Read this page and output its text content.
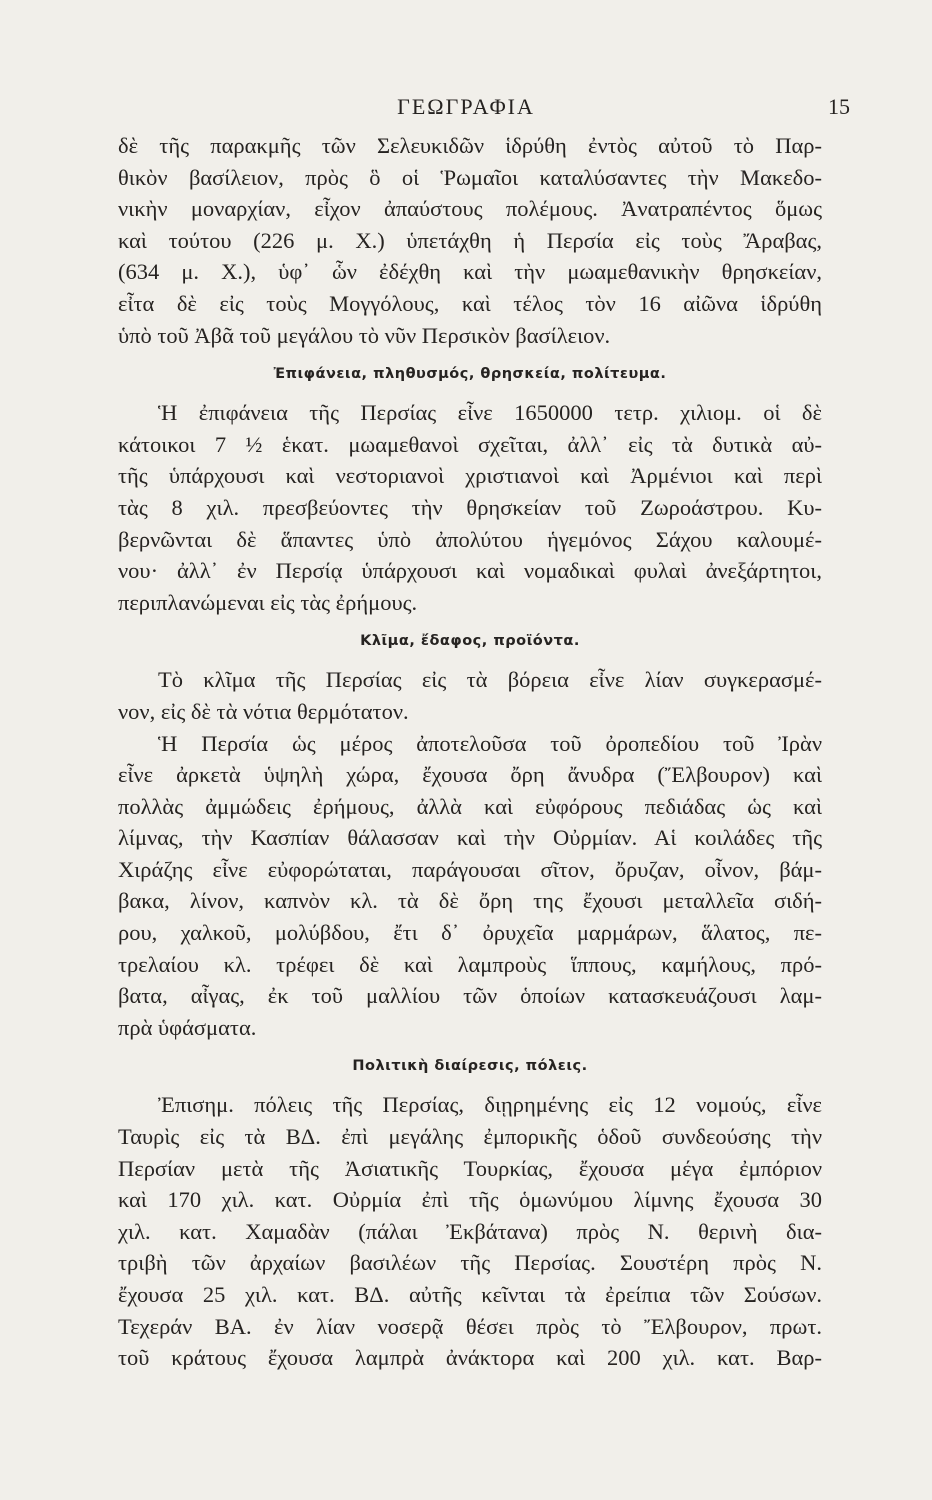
ΓΕΩΓΡΑΦΙΑ	15
δὲ τῆς παρακμῆς τῶν Σελευκιδῶν ἱδρύθη ἐντὸς αὐτοῦ τὸ Παρ-
θικὸν βασίλειον, πρὸς ὃ οἱ Ῥωμαῖοι καταλύσαντες τὴν Μακεδο-
νικὴν μοναρχίαν, εἶχον ἀπαύστους πολέμους. Ἀνατραπέντος ὅμως
καὶ τούτου (226 μ. Χ.) ὑπετάχθη ἡ Περσία εἰς τοὺς Ἄραβας,
(634 μ. Χ.), ὑφ᾽ ὧν ἐδέχθη καὶ τὴν μωαμεθανικὴν θρησκείαν,
εἶτα δὲ εἰς τοὺς Μογγόλους, καὶ τέλος τὸν 16 αἰῶνα ἱδρύθη
ὑπὸ τοῦ Ἀβᾶ τοῦ μεγάλου τὸ νῦν Περσικὸν βασίλειον.
Ἐπιφάνεια, πληθυσμός, θρησκεία, πολίτευμα.
Ἡ ἐπιφάνεια τῆς Περσίας εἶνε 1650000 τετρ. χιλιομ. οἱ δὲ
κάτοικοι 7 ½ ἑκατ. μωαμεθανοὶ σχεῖται, ἀλλ᾽ εἰς τὰ δυτικὰ αὐ-
τῆς ὑπάρχουσι καὶ νεστοριανοὶ χριστιανοὶ καὶ Ἀρμένιοι καὶ περὶ
τὰς 8 χιλ. πρεσβεύοντες τὴν θρησκείαν τοῦ Ζωροάστρου. Κυ-
βερνῶνται δὲ ἅπαντες ὑπὸ ἀπολύτου ἡγεμόνος Σάχου καλουμέ-
νου· ἀλλ᾽ ἐν Περσίᾳ ὑπάρχουσι καὶ νομαδικαὶ φυλαὶ ἀνεξάρτητοι,
περιπλανώμεναι εἰς τὰς ἐρήμους.
Κλῖμα, ἔδαφος, προϊόντα.
Τὸ κλῖμα τῆς Περσίας εἰς τὰ βόρεια εἶνε λίαν συγκερασμέ-
νον, εἰς δὲ τὰ νότια θερμότατον.
Ἡ Περσία ὡς μέρος ἀποτελοῦσα τοῦ ὀροπεδίου τοῦ Ἰρὰν
εἶνε ἀρκετὰ ὑψηλὴ χώρα, ἔχουσα ὄρη ἄνυδρα (Ἔλβουρον) καὶ
πολλὰς ἀμμώδεις ἐρήμους, ἀλλὰ καὶ εὐφόρους πεδιάδας ὡς καὶ
λίμνας, τὴν Κασπίαν θάλασσαν καὶ τὴν Οὐρμίαν. Αἱ κοιλάδες τῆς
Χιράζης εἶνε εὐφορώταται, παράγουσαι σῖτον, ὄρυζαν, οἶνον, βάμ-
βακα, λίνον, καπνὸν κλ. τὰ δὲ ὄρη της ἔχουσι μεταλλεῖα σιδή-
ρου, χαλκοῦ, μολύβδου, ἔτι δ᾽ ὀρυχεῖα μαρμάρων, ἅλατος, πε-
τρελαίου κλ. τρέφει δὲ καὶ λαμπροὺς ἵππους, καμήλους, πρό-
βατα, αἶγας, ἐκ τοῦ μαλλίου τῶν ὁποίων κατασκευάζουσι λαμ-
πρὰ ὑφάσματα.
Πολιτικὴ διαίρεσις, πόλεις.
Ἐπισημ. πόλεις τῆς Περσίας, διῃρημένης εἰς 12 νομούς, εἶνε
Ταυρὶς εἰς τὰ ΒΔ. ἐπὶ μεγάλης ἐμπορικῆς ὁδοῦ συνδεούσης τὴν
Περσίαν μετὰ τῆς Ἀσιατικῆς Τουρκίας, ἔχουσα μέγα ἐμπόριον
καὶ 170 χιλ. κατ. Οὐρμία ἐπὶ τῆς ὁμωνύμου λίμνης ἔχουσα 30
χιλ. κατ. Χαμαδὰν (πάλαι Ἐκβάτανα) πρὸς Ν. θερινὴ δια-
τριβὴ τῶν ἀρχαίων βασιλέων τῆς Περσίας. Σουστέρη πρὸς Ν.
ἔχουσα 25 χιλ. κατ. ΒΔ. αὐτῆς κεῖνται τὰ ἐρείπια τῶν Σούσων.
Τεχεράν ΒΑ. ἐν λίαν νοσερᾷ θέσει πρὸς τὸ Ἔλβουρον, πρωτ.
τοῦ κράτους ἔχουσα λαμπρὰ ἀνάκτορα καὶ 200 χιλ. κατ. Βαρ-
